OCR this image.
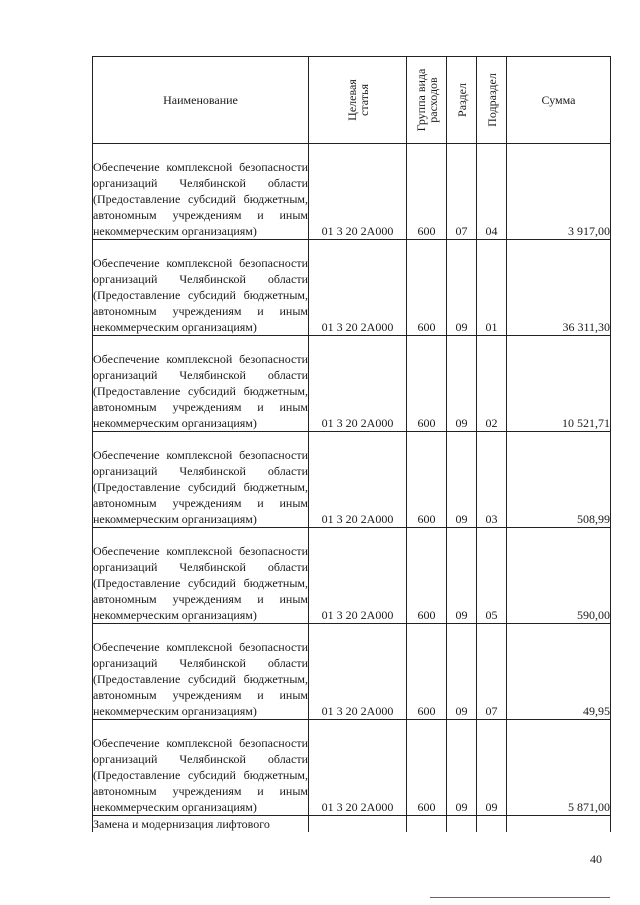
Наименование	Целевая статья	Группа вида расходов	Раздел	Подраздел	Сумма
Обеспечение комплексной безопасности организаций Челябинской области (Предоставление субсидий бюджетным, автономным учреждениям и иным некоммерческим организациям)	01 3 20 2А000	600	07	04	3 917,00
Обеспечение комплексной безопасности организаций Челябинской области (Предоставление субсидий бюджетным, автономным учреждениям и иным некоммерческим организациям)	01 3 20 2А000	600	09	01	36 311,30
Обеспечение комплексной безопасности организаций Челябинской области (Предоставление субсидий бюджетным, автономным учреждениям и иным некоммерческим организациям)	01 3 20 2А000	600	09	02	10 521,71
Обеспечение комплексной безопасности организаций Челябинской области (Предоставление субсидий бюджетным, автономным учреждениям и иным некоммерческим организациям)	01 3 20 2А000	600	09	03	508,99
Обеспечение комплексной безопасности организаций Челябинской области (Предоставление субсидий бюджетным, автономным учреждениям и иным некоммерческим организациям)	01 3 20 2А000	600	09	05	590,00
Обеспечение комплексной безопасности организаций Челябинской области (Предоставление субсидий бюджетным, автономным учреждениям и иным некоммерческим организациям)	01 3 20 2А000	600	09	07	49,95
Обеспечение комплексной безопасности организаций Челябинской области (Предоставление субсидий бюджетным, автономным учреждениям и иным некоммерческим организациям)	01 3 20 2А000	600	09	09	5 871,00
Замена и модернизация лифтового					
40
